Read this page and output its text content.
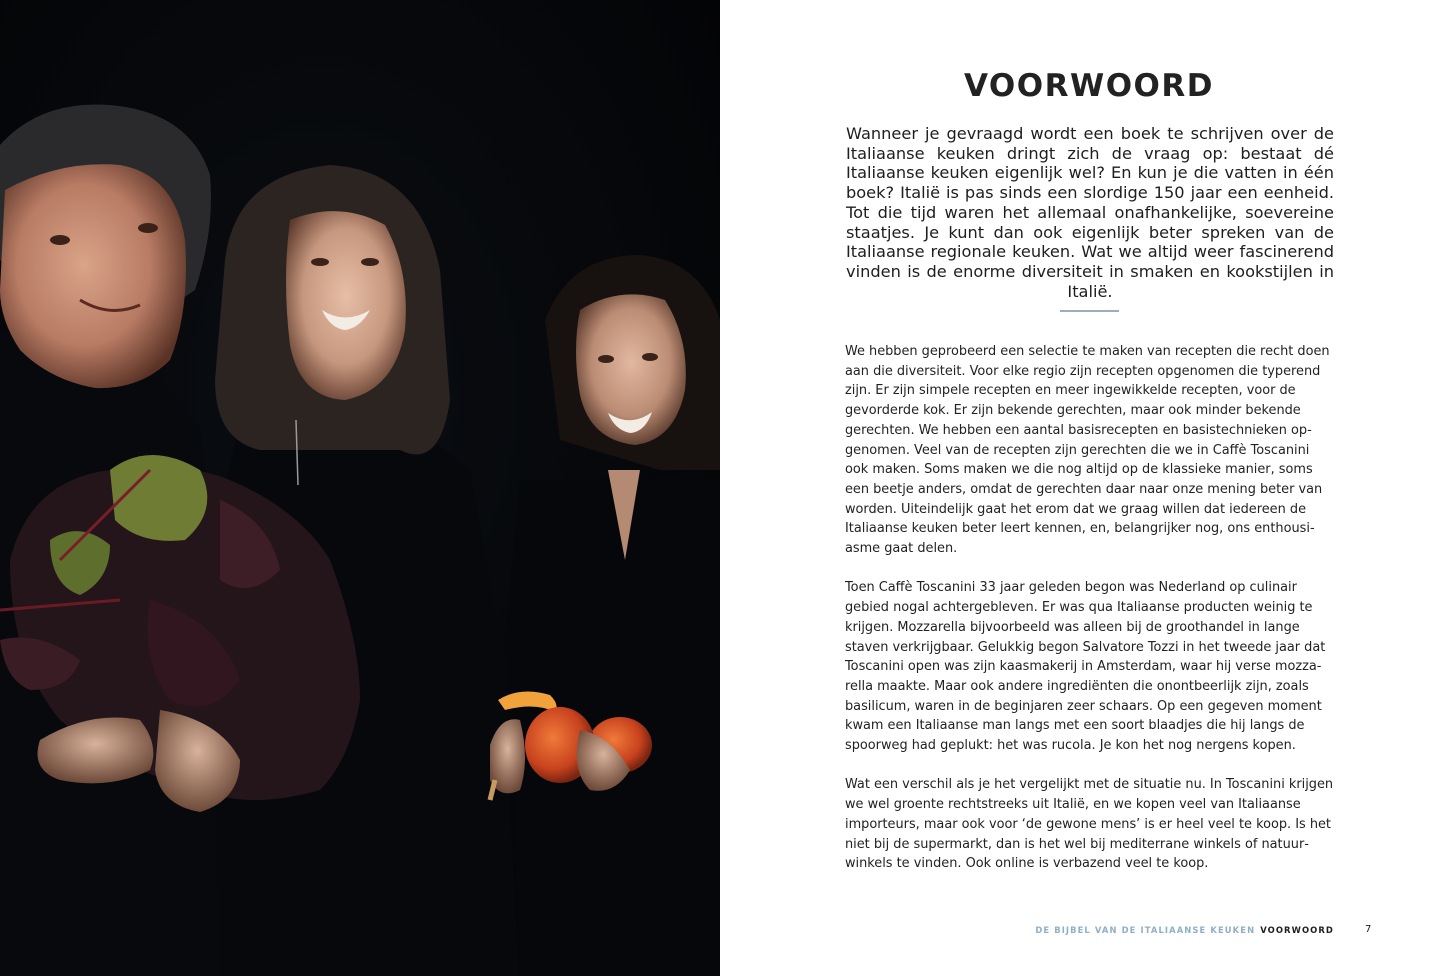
VOORWOORD

Wanneer je gevraagd wordt een boek te schrijven over de Italiaanse keuken dringt zich de vraag op: bestaat dé Italiaanse keuken eigenlijk wel? En kun je die vatten in één boek? Italië is pas sinds een slordige 150 jaar een eenheid. Tot die tijd waren het allemaal onafhankelijke, soevereine staatjes. Je kunt dan ook eigenlijk beter spreken van de Italiaanse regionale keuken. Wat we altijd weer fascinerend vinden is de enorme diversiteit in smaken en kookstijlen in Italië.

We hebben geprobeerd een selectie te maken van recepten die recht doen aan die diversiteit. Voor elke regio zijn recepten opgenomen die typerend zijn. Er zijn simpele recepten en meer ingewikkelde recepten, voor de gevorderde kok. Er zijn bekende gerechten, maar ook minder bekende gerechten. We hebben een aantal basisrecepten en basistechnieken opgenomen. Veel van de recepten zijn gerechten die we in Caffè Toscanini ook maken. Soms maken we die nog altijd op de klassieke manier, soms een beetje anders, omdat de gerechten daar naar onze mening beter van worden. Uiteindelijk gaat het erom dat we graag willen dat iedereen de Italiaanse keuken beter leert kennen, en, belangrijker nog, ons enthousiasme gaat delen.

Toen Caffè Toscanini 33 jaar geleden begon was Nederland op culinair gebied nogal achtergebleven. Er was qua Italiaanse producten weinig te krijgen. Mozzarella bijvoorbeeld was alleen bij de groothandel in lange staven verkrijgbaar. Gelukkig begon Salvatore Tozzi in het tweede jaar dat Toscanini open was zijn kaasmakerij in Amsterdam, waar hij verse mozzarella maakte. Maar ook andere ingrediënten die onontbeerlijk zijn, zoals basilicum, waren in de beginjaren zeer schaars. Op een gegeven moment kwam een Italiaanse man langs met een soort blaadjes die hij langs de spoorweg had geplukt: het was rucola. Je kon het nog nergens kopen.

Wat een verschil als je het vergelijkt met de situatie nu. In Toscanini krijgen we wel groente rechtstreeks uit Italië, en we kopen veel van Italiaanse importeurs, maar ook voor ‘de gewone mens’ is er heel veel te koop. Is het niet bij de supermarkt, dan is het wel bij mediterrane winkels of natuurwinkels te vinden. Ook online is verbazend veel te koop.

DE BIJBEL VAN DE ITALIAANSE KEUKEN VOORWOORD	7
